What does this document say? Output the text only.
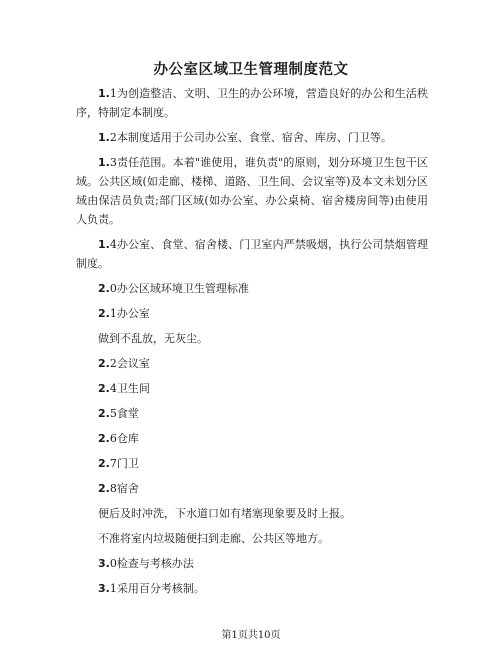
办公室区域卫生管理制度范文

1.1为创造整洁、文明、卫生的办公环境，营造良好的办公和生活秩序，特制定本制度。

1.2本制度适用于公司办公室、食堂、宿舍、库房、门卫等。

1.3责任范围。本着"谁使用，谁负责"的原则，划分环境卫生包干区域。公共区域(如走廊、楼梯、道路、卫生间、会议室等)及本文未划分区域由保洁员负责;部门区域(如办公室、办公桌椅、宿舍楼房间等)由使用人负责。

1.4办公室、食堂、宿舍楼、门卫室内严禁吸烟，执行公司禁烟管理制度。

2.0办公区域环境卫生管理标准

2.1办公室

做到不乱放，无灰尘。

2.2会议室

2.4卫生间

2.5食堂

2.6仓库

2.7门卫

2.8宿舍

便后及时冲洗，下水道口如有堵塞现象要及时上报。

不准将室内垃圾随便扫到走廊、公共区等地方。

3.0检查与考核办法

3.1采用百分考核制。

第1页共10页
